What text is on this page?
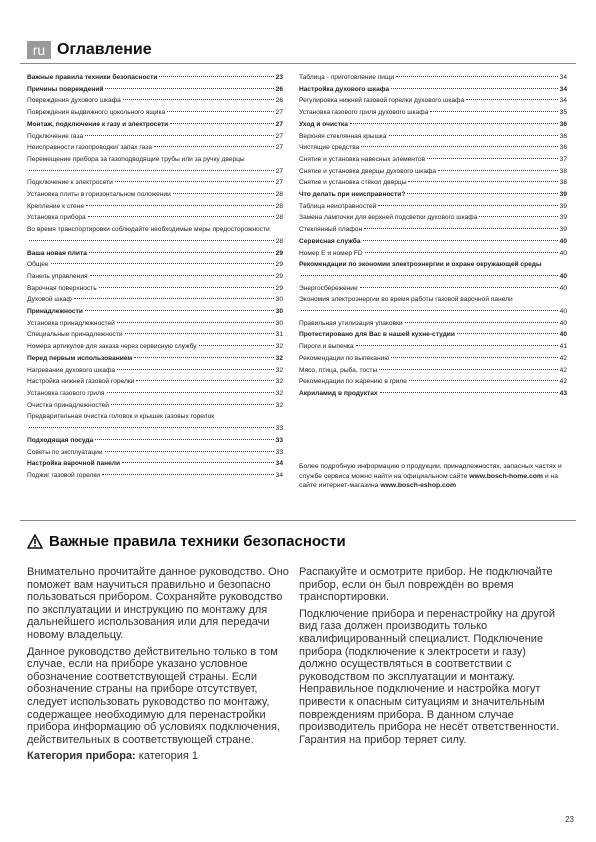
ru Оглавление
Важные правила техники безопасности	23
Причины повреждений	26
Повреждения духового шкафа	26
Повреждения выдвижного цокольного ящика	27
Монтаж, подключение к газу и электросети	27
Подключение газа	27
Неисправности газопроводки/ запах газа	27
Перемещение прибора за газоподводящие трубы или за ручку дверцы
27
Подключение к электросети	27
Установка плиты в горизонтальном положении	28
Крепление к стене	28
Установка прибора	28
Во время транспортировки соблюдайте необходимые меры предосторожности
28
Ваша новая плита	29
Общее	29
Панель управления	29
Варочная поверхность	29
Духовой шкаф	30
Принадлежности	30
Установка принадлежностей	30
Специальные принадлежности	31
Номера артикулов для заказа через сервисную службу	32
Перед первым использованием	32
Нагревание духового шкафа	32
Настройка нижней газовой горелки	32
Установка газового гриля	32
Очистка принадлежностей	32
Предварительная очистка головок и крышек газовых горелок
33
Подходящая посуда	33
Советы по эксплуатации	33
Настройка варочной панели	34
Поджиг газовой горелки	34
Таблица - приготовление пищи	34
Настройка духового шкафа	34
Регулировка нижней газовой горелки духового шкафа	34
Установка газового гриля духового шкафа	35
Уход и очистка	36
Верхняя стеклянная крышка	36
Чистящие средства	36
Снятие и установка навесных элементов	37
Снятие и установка дверцы духового шкафа	38
Снятие и установка стёкол дверцы	38
Что делать при неисправности?	39
Таблица неисправностей	39
Замена лампочки для верхней подсветки духового шкафа	39
Стеклянный плафон	39
Сервисная служба	40
Номер E и номер FD	40
Рекомендации по экономии электроэнергии и охране окружающей среды
40
Энергосбережение	40
Экономия электроэнергии во время работы газовой варочной панели
40
Правильная утилизация упаковки	40
Протестировано для Вас в нашей кухне-студии	40
Пироги и выпечка	41
Рекомендации по выпеканию	42
Мясо, птица, рыба, тосты	42
Рекомендации по жарению в гриле	42
Акриламид в продуктах	43
Более подробную информацию о продукции, принадлежностях, запасных частях и службе сервиса можно найти на официальном сайте www.bosch-home.com и на сайте интернет-магазина www.bosch-eshop.com
Важные правила техники безопасности

Внимательно прочитайте данное руководство. Оно поможет вам научиться правильно и безопасно пользоваться прибором. Сохраняйте руководство по эксплуатации и инструкцию по монтажу для дальнейшего использования или для передачи новому владельцу.

Данное руководство действительно только в том случае, если на приборе указано условное обозначение соответствующей страны. Если обозначение страны на приборе отсутствует, следует использовать руководство по монтажу, содержащее необходимую для перенастройки прибора информацию об условиях подключения, действительных в соответствующей стране.

Категория прибора: категория 1

Распакуйте и осмотрите прибор. Не подключайте прибор, если он был повреждён во время транспортировки.

Подключение прибора и перенастройку на другой вид газа должен производить только квалифицированный специалист. Подключение прибора (подключение к электросети и газу) должно осуществляться в соответствии с руководством по эксплуатации и монтажу. Неправильное подключение и настройка могут привести к опасным ситуациям и значительным повреждениям прибора. В данном случае производитель прибора не несёт ответственности. Гарантия на прибор теряет силу.

23
